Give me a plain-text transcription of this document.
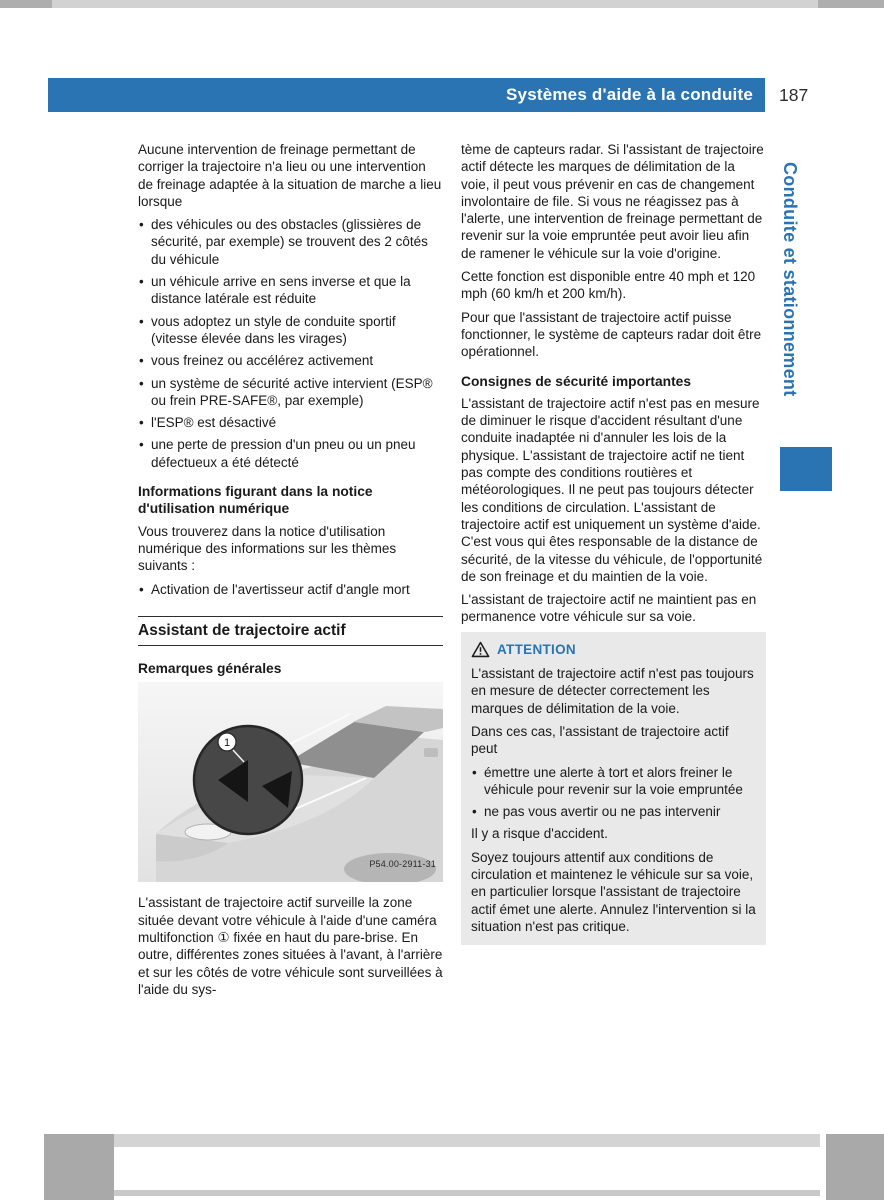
Systèmes d'aide à la conduite 187
Conduite et stationnement

Aucune intervention de freinage permettant de corriger la trajectoire n'a lieu ou une intervention de freinage adaptée à la situation de marche a lieu lorsque

• des véhicules ou des obstacles (glissières de sécurité, par exemple) se trouvent des 2 côtés du véhicule
• un véhicule arrive en sens inverse et que la distance latérale est réduite
• vous adoptez un style de conduite sportif (vitesse élevée dans les virages)
• vous freinez ou accélérez activement
• un système de sécurité active intervient (ESP® ou frein PRE-SAFE®, par exemple)
• l'ESP® est désactivé
• une perte de pression d'un pneu ou un pneu défectueux a été détecté
Informations figurant dans la notice d'utilisation numérique

Vous trouverez dans la notice d'utilisation numérique des informations sur les thèmes suivants :

• Activation de l'avertisseur actif d'angle mort
Assistant de trajectoire actif
Remarques générales
1
P54.00-2911-31

L'assistant de trajectoire actif surveille la zone située devant votre véhicule à l'aide d'une caméra multifonction ① fixée en haut du pare-brise. En outre, différentes zones situées à l'avant, à l'arrière et sur les côtés de votre véhicule sont surveillées à l'aide du sys-

tème de capteurs radar. Si l'assistant de trajectoire actif détecte les marques de délimitation de la voie, il peut vous prévenir en cas de changement involontaire de file. Si vous ne réagissez pas à l'alerte, une intervention de freinage permettant de revenir sur la voie empruntée peut avoir lieu afin de ramener le véhicule sur la voie d'origine.

Cette fonction est disponible entre 40 mph et 120 mph (60 km/h et 200 km/h).

Pour que l'assistant de trajectoire actif puisse fonctionner, le système de capteurs radar doit être opérationnel.

Consignes de sécurité importantes

L'assistant de trajectoire actif n'est pas en mesure de diminuer le risque d'accident résultant d'une conduite inadaptée ni d'annuler les lois de la physique. L'assistant de trajectoire actif ne tient pas compte des conditions routières et météorologiques. Il ne peut pas toujours détecter les conditions de circulation. L'assistant de trajectoire actif est uniquement un système d'aide. C'est vous qui êtes responsable de la distance de sécurité, de la vitesse du véhicule, de l'opportunité de son freinage et du maintien de la voie.

L'assistant de trajectoire actif ne maintient pas en permanence votre véhicule sur sa voie.

ATTENTION

L'assistant de trajectoire actif n'est pas toujours en mesure de détecter correctement les marques de délimitation de la voie.

Dans ces cas, l'assistant de trajectoire actif peut

• émettre une alerte à tort et alors freiner le véhicule pour revenir sur la voie empruntée
• ne pas vous avertir ou ne pas intervenir

Il y a risque d'accident.

Soyez toujours attentif aux conditions de circulation et maintenez le véhicule sur sa voie, en particulier lorsque l'assistant de trajectoire actif émet une alerte. Annulez l'intervention si la situation n'est pas critique.
